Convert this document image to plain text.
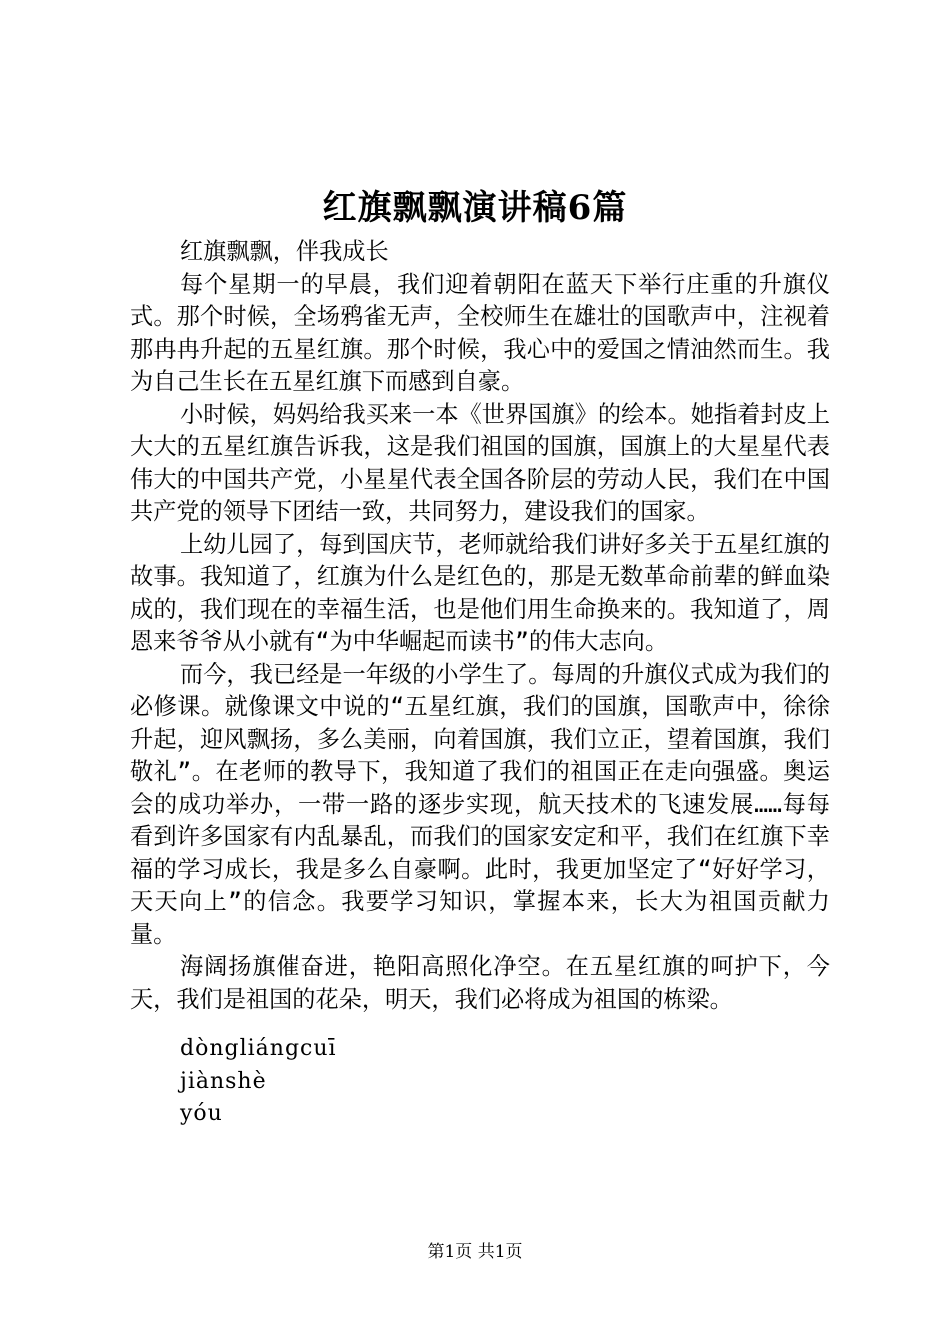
红旗飘飘演讲稿6篇

红旗飘飘，伴我成长

每个星期一的早晨，我们迎着朝阳在蓝天下举行庄重的升旗仪式。那个时候，全场鸦雀无声，全校师生在雄壮的国歌声中，注视着那冉冉升起的五星红旗。那个时候，我心中的爱国之情油然而生。我为自己生长在五星红旗下而感到自豪。

小时候，妈妈给我买来一本《世界国旗》的绘本。她指着封皮上大大的五星红旗告诉我，这是我们祖国的国旗，国旗上的大星星代表伟大的中国共产党，小星星代表全国各阶层的劳动人民，我们在中国共产党的领导下团结一致，共同努力，建设我们的国家。

上幼儿园了，每到国庆节，老师就给我们讲好多关于五星红旗的故事。我知道了，红旗为什么是红色的，那是无数革命前辈的鲜血染成的，我们现在的幸福生活，也是他们用生命换来的。我知道了，周恩来爷爷从小就有“为中华崛起而读书”的伟大志向。

而今，我已经是一年级的小学生了。每周的升旗仪式成为我们的必修课。就像课文中说的“五星红旗，我们的国旗，国歌声中，徐徐升起，迎风飘扬，多么美丽，向着国旗，我们立正，望着国旗，我们敬礼”。在老师的教导下，我知道了我们的祖国正在走向强盛。奥运会的成功举办，一带一路的逐步实现，航天技术的飞速发展……每每看到许多国家有内乱暴乱，而我们的国家安定和平，我们在红旗下幸福的学习成长，我是多么自豪啊。此时，我更加坚定了“好好学习，天天向上”的信念。我要学习知识，掌握本来，长大为祖国贡献力量。

海阔扬旗催奋进，艳阳高照化净空。在五星红旗的呵护下，今天，我们是祖国的花朵，明天，我们必将成为祖国的栋梁。

dòngliángcuī
jiànshè
yóu
第1页 共1页
